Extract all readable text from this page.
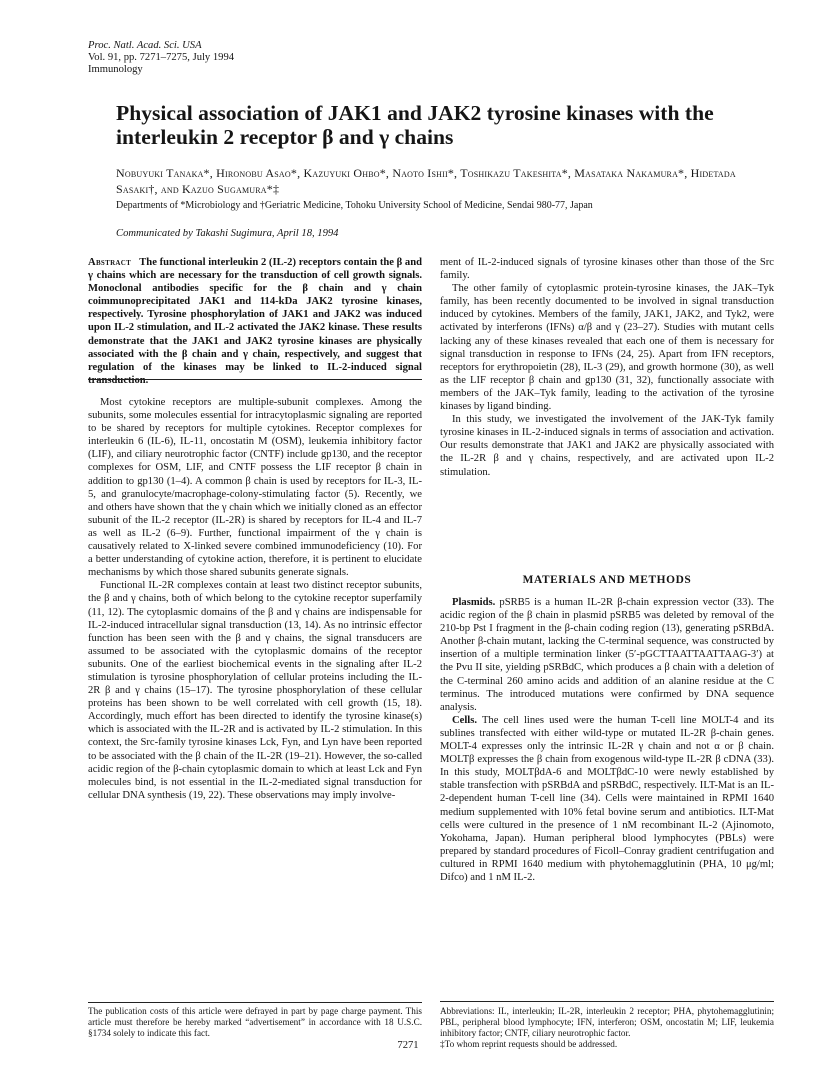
Proc. Natl. Acad. Sci. USA
Vol. 91, pp. 7271–7275, July 1994
Immunology
Physical association of JAK1 and JAK2 tyrosine kinases with the interleukin 2 receptor β and γ chains
Nobuyuki Tanaka*, Hironobu Asao*, Kazuyuki Ohbo*, Naoto Ishii*, Toshikazu Takeshita*, Masataka Nakamura*, Hidetada Sasaki†, and Kazuo Sugamura*‡
Departments of *Microbiology and †Geriatric Medicine, Tohoku University School of Medicine, Sendai 980-77, Japan
Communicated by Takashi Sugimura, April 18, 1994

Abstract The functional interleukin 2 (IL-2) receptors contain the β and γ chains which are necessary for the transduction of cell growth signals. Monoclonal antibodies specific for the β chain and γ chain coimmunoprecipitated JAK1 and 114-kDa JAK2 tyrosine kinases, respectively. Tyrosine phosphorylation of JAK1 and JAK2 was induced upon IL-2 stimulation, and IL-2 activated the JAK2 kinase. These results demonstrate that the JAK1 and JAK2 tyrosine kinases are physically associated with the β chain and γ chain, respectively, and suggest that regulation of the kinases may be linked to IL-2-induced signal transduction.

Most cytokine receptors are multiple-subunit complexes. Among the subunits, some molecules essential for intracytoplasmic signaling are reported to be shared by receptors for multiple cytokines. Receptor complexes for interleukin 6 (IL-6), IL-11, oncostatin M (OSM), leukemia inhibitory factor (LIF), and ciliary neurotrophic factor (CNTF) include gp130, and the receptor complexes for OSM, LIF, and CNTF possess the LIF receptor β chain in addition to gp130 (1–4). A common β chain is used by receptors for IL-3, IL-5, and granulocyte/macrophage-colony-stimulating factor (5). Recently, we and others have shown that the γ chain which we initially cloned as an effector subunit of the IL-2 receptor (IL-2R) is shared by receptors for IL-4 and IL-7 as well as IL-2 (6–9). Further, functional impairment of the γ chain is causatively related to X-linked severe combined immunodeficiency (10). For a better understanding of cytokine action, therefore, it is pertinent to elucidate mechanisms by which those shared subunits generate signals.

Functional IL-2R complexes contain at least two distinct receptor subunits, the β and γ chains, both of which belong to the cytokine receptor superfamily (11, 12). The cytoplasmic domains of the β and γ chains are indispensable for IL-2-induced intracellular signal transduction (13, 14). As no intrinsic effector function has been seen with the β and γ chains, the signal transducers are assumed to be associated with the cytoplasmic domains of the receptor subunits. One of the earliest biochemical events in the signaling after IL-2 stimulation is tyrosine phosphorylation of cellular proteins including the IL-2R β and γ chains (15–17). The tyrosine phosphorylation of these cellular proteins has been shown to be well correlated with cell growth (15, 18). Accordingly, much effort has been directed to identify the tyrosine kinase(s) which is associated with the IL-2R and is activated by IL-2 stimulation. In this context, the Src-family tyrosine kinases Lck, Fyn, and Lyn have been reported to be associated with the β chain of the IL-2R (19–21). However, the so-called acidic region of the β-chain cytoplasmic domain to which at least Lck and Fyn molecules bind, is not essential in the IL-2-mediated signal transduction for cellular DNA synthesis (19, 22). These observations may imply involve-

The publication costs of this article were defrayed in part by page charge payment. This article must therefore be hereby marked “advertisement” in accordance with 18 U.S.C. §1734 solely to indicate this fact.

ment of IL-2-induced signals of tyrosine kinases other than those of the Src family.

The other family of cytoplasmic protein-tyrosine kinases, the JAK–Tyk family, has been recently documented to be involved in signal transduction induced by cytokines. Members of the family, JAK1, JAK2, and Tyk2, were activated by interferons (IFNs) α/β and γ (23–27). Studies with mutant cells lacking any of these kinases revealed that each one of them is necessary for signal transduction in response to IFNs (24, 25). Apart from IFN receptors, receptors for erythropoietin (28), IL-3 (29), and growth hormone (30), as well as the LIF receptor β chain and gp130 (31, 32), functionally associate with members of the JAK–Tyk family, leading to the activation of the tyrosine kinases by ligand binding.

In this study, we investigated the involvement of the JAK-Tyk family tyrosine kinases in IL-2-induced signals in terms of association and activation. Our results demonstrate that JAK1 and JAK2 are physically associated with the IL-2R β and γ chains, respectively, and are activated upon IL-2 stimulation.

MATERIALS AND METHODS

Plasmids. pSRB5 is a human IL-2R β-chain expression vector (33). The acidic region of the β chain in plasmid pSRB5 was deleted by removal of the 210-bp Pst I fragment in the β-chain coding region (13), generating pSRBdA. Another β-chain mutant, lacking the C-terminal sequence, was constructed by insertion of a multiple termination linker (5′-pGCTTAATTAATTAAG-3′) at the Pvu II site, yielding pSRBdC, which produces a β chain with a deletion of the C-terminal 260 amino acids and addition of an alanine residue at the C terminus. The introduced mutations were confirmed by DNA sequence analysis.

Cells. The cell lines used were the human T-cell line MOLT-4 and its sublines transfected with either wild-type or mutated IL-2R β-chain genes. MOLT-4 expresses only the intrinsic IL-2R γ chain and not α or β chain. MOLTβ expresses the β chain from exogenous wild-type IL-2R β cDNA (33). In this study, MOLTβdA-6 and MOLTβdC-10 were newly established by stable transfection with pSRBdA and pSRBdC, respectively. ILT-Mat is an IL-2-dependent human T-cell line (34). Cells were maintained in RPMI 1640 medium supplemented with 10% fetal bovine serum and antibiotics. ILT-Mat cells were cultured in the presence of 1 nM recombinant IL-2 (Ajinomoto, Yokohama, Japan). Human peripheral blood lymphocytes (PBLs) were prepared by standard procedures of Ficoll–Conray gradient centrifugation and cultured in RPMI 1640 medium with phytohemagglutinin (PHA, 10 μg/ml; Difco) and 1 nM IL-2.

Abbreviations: IL, interleukin; IL-2R, interleukin 2 receptor; PHA, phytohemagglutinin; PBL, peripheral blood lymphocyte; IFN, interferon; OSM, oncostatin M; LIF, leukemia inhibitory factor; CNTF, ciliary neurotrophic factor.

‡To whom reprint requests should be addressed.

7271
